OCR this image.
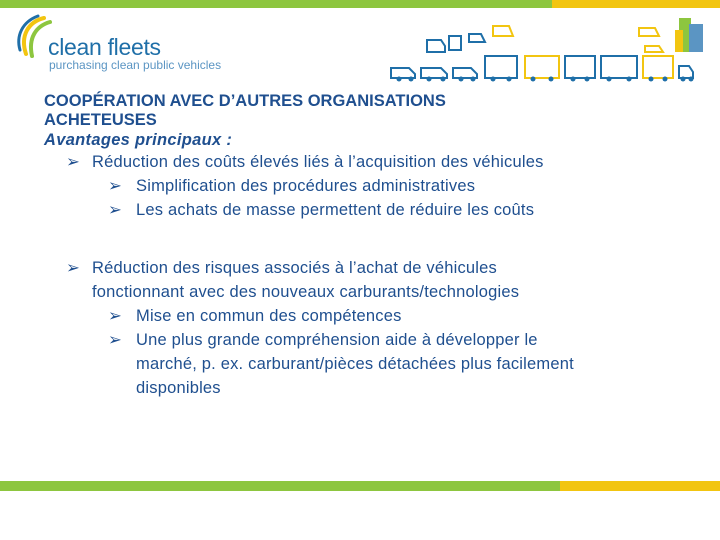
clean fleets
purchasing clean public vehicles
COOPÉRATION AVEC D’AUTRES ORGANISATIONS
ACHETEUSES
Avantages principaux :
➢ Réduction des coûts élevés liés à l’acquisition des véhicules
➢ Simplification des procédures administratives
➢ Les achats de masse permettent de réduire les coûts
➢ Réduction des risques associés à l’achat de véhicules
fonctionnant avec des nouveaux carburants/technologies
➢ Mise en commun des compétences
➢ Une plus grande compréhension aide à développer le
marché, p. ex. carburant/pièces détachées plus facilement
disponibles
